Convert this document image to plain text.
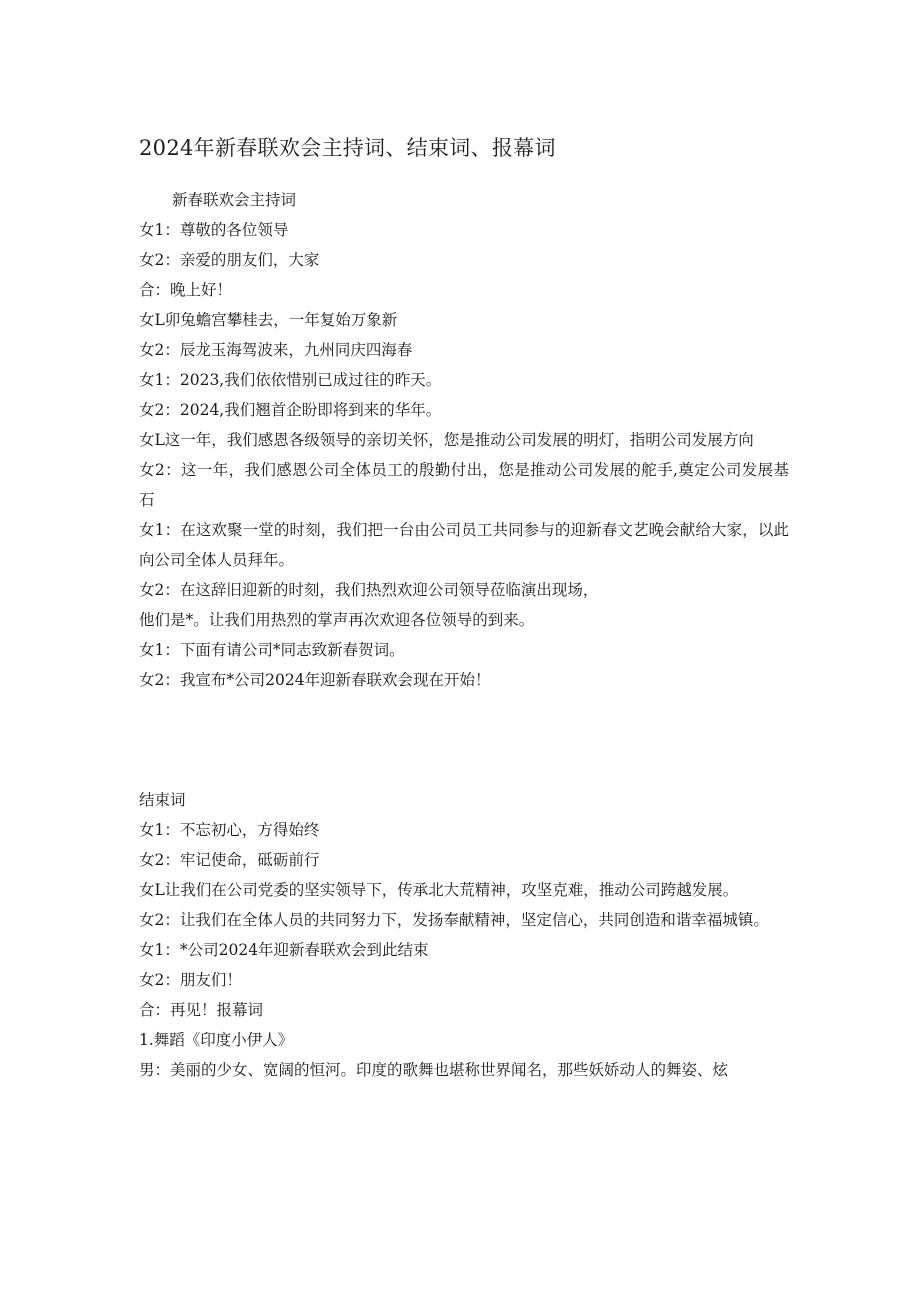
2024年新春联欢会主持词、结束词、报幕词

新春联欢会主持词

女1：尊敬的各位领导

女2：亲爱的朋友们，大家

合：晚上好！

女L卯兔蟾宫攀桂去，一年复始万象新

女2：辰龙玉海驾波来，九州同庆四海春

女1：2023,我们依依惜别已成过往的昨天。

女2：2024,我们翘首企盼即将到来的华年。

女L这一年，我们感恩各级领导的亲切关怀，您是推动公司发展的明灯，指明公司发展方向

女2：这一年，我们感恩公司全体员工的殷勤付出，您是推动公司发展的舵手,奠定公司发展基石

女1：在这欢聚一堂的时刻，我们把一台由公司员工共同参与的迎新春文艺晚会献给大家，以此向公司全体人员拜年。

女2：在这辞旧迎新的时刻，我们热烈欢迎公司领导莅临演出现场，

他们是*。让我们用热烈的掌声再次欢迎各位领导的到来。

女1：下面有请公司*同志致新春贺词。

女2：我宣布*公司2024年迎新春联欢会现在开始！

结束词

女1：不忘初心，方得始终

女2：牢记使命，砥砺前行

女L让我们在公司党委的坚实领导下，传承北大荒精神，攻坚克难，推动公司跨越发展。

女2：让我们在全体人员的共同努力下，发扬奉献精神，坚定信心，共同创造和谐幸福城镇。

女1：*公司2024年迎新春联欢会到此结束

女2：朋友们！

合：再见！报幕词

1.舞蹈《印度小伊人》

男：美丽的少女、宽阔的恒河。印度的歌舞也堪称世界闻名，那些妖娇动人的舞姿、炫
